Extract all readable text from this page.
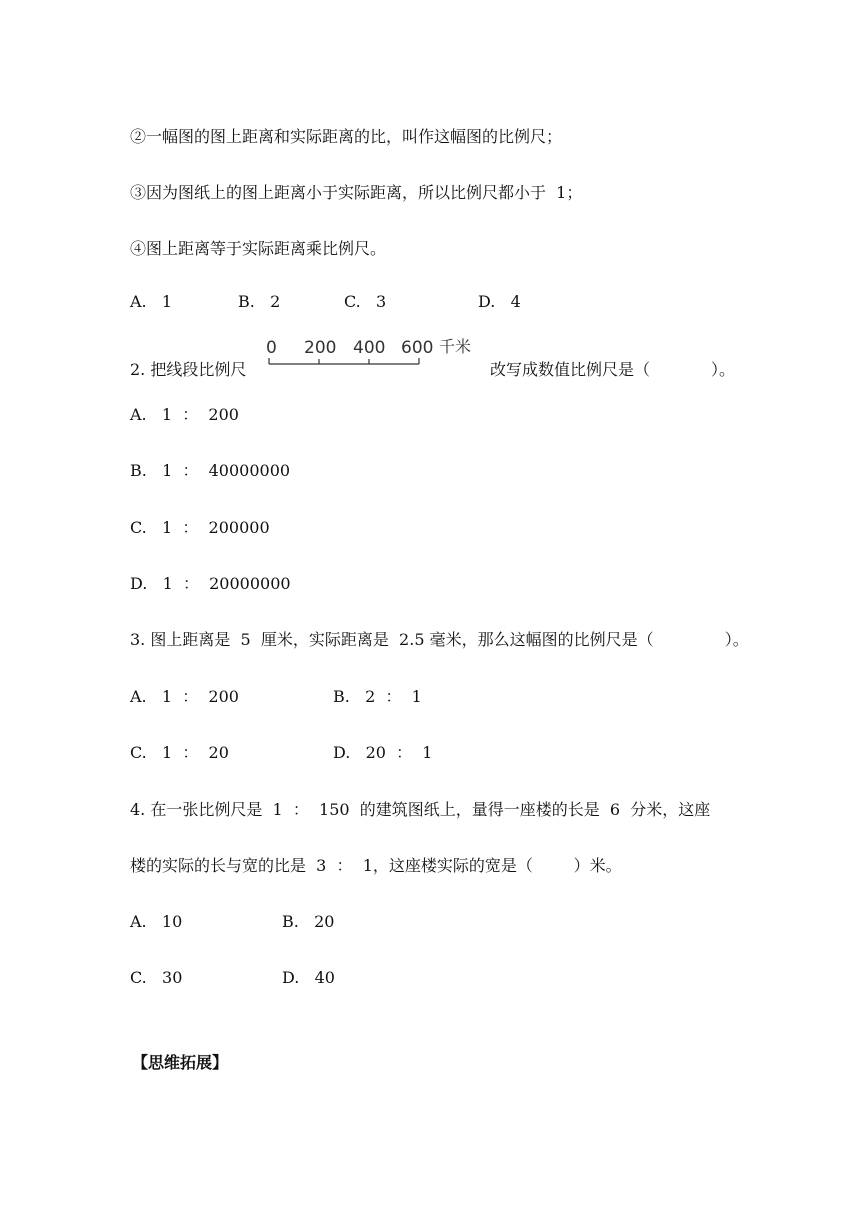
②一幅图的图上距离和实际距离的比，叫作这幅图的比例尺；
③因为图纸上的图上距离小于实际距离，所以比例尺都小于  1；
④图上距离等于实际距离乘比例尺。
A.   1	B.   2	C.   3	D.   4
2. 把线段比例尺
0 200 400 600 千米
改写成数值比例尺是（            ）。
A.   1  ：  200
B.   1  ：  40000000
C.   1  ：  200000
D.   1  ：  20000000
3. 图上距离是  5  厘米，实际距离是  2.5 毫米，那么这幅图的比例尺是（              ）。
A.   1  ：  200	B.   2  ：  1
C.   1  ：  20	D.   20  ：  1
4. 在一张比例尺是  1  ：  150  的建筑图纸上，量得一座楼的长是  6  分米，这座
楼的实际的长与宽的比是  3  ：  1，这座楼实际的宽是（        ）米。
A.   10	B.   20
C.   30	D.   40
【思维拓展】
